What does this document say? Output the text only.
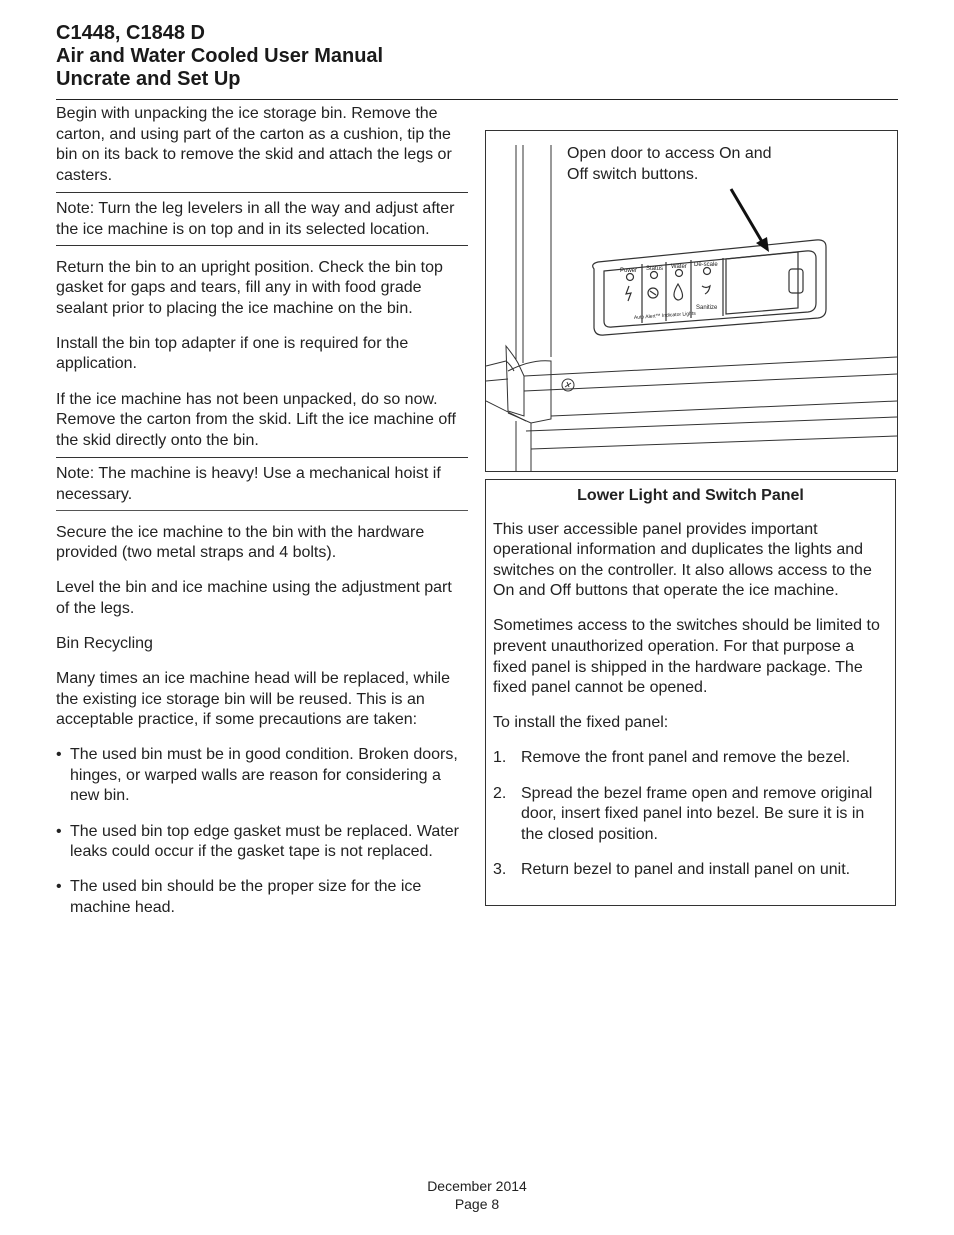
C1448, C1848 D
Air and Water Cooled User Manual
Uncrate and Set Up

Begin with unpacking the ice storage bin. Remove the carton, and using part of the carton as a cushion, tip the bin on its back to remove the skid and attach the legs or casters.

Note: Turn the leg levelers in all the way and adjust after the ice machine is on top and in its selected location.

Return the bin to an upright position. Check the bin top gasket for gaps and tears, fill any in with food grade sealant prior to placing the ice machine on the bin.

Install the bin top adapter if one is required for the application.

If the ice machine has not been unpacked, do so now. Remove the carton from the skid. Lift the ice machine off the skid directly onto the bin.

Note: The machine is heavy! Use a mechanical hoist if necessary.

Secure the ice machine to the bin with the hardware provided (two metal straps and 4 bolts).

Level the bin and ice machine using the adjustment part of the legs.

Bin Recycling

Many times an ice machine head will be replaced, while the existing ice storage bin will be reused. This is an acceptable practice, if some precautions are taken:

• The used bin must be in good condition. Broken doors, hinges, or warped walls are reason for considering a new bin.
• The used bin top edge gasket must be replaced. Water leaks could occur if the gasket tape is not replaced.
• The used bin should be the proper size for the ice machine head.
Power Status Water De-scale
Sanitize
Auto Alert™ Indicator Lights
Open door to access On and Off switch buttons.
Lower Light and Switch Panel

This user accessible panel provides important operational information and duplicates the lights and switches on the controller. It also allows access to the On and Off buttons that operate the ice machine.

Sometimes access to the switches should be limited to prevent unauthorized operation. For that purpose a fixed panel is shipped in the hardware package. The fixed panel cannot be opened.

To install the fixed panel:

1. Remove the front panel and remove the bezel.
2. Spread the bezel frame open and remove original door, insert fixed panel into bezel. Be sure it is in the closed position.
3. Return bezel to panel and install panel on unit.
December 2014
Page 8
